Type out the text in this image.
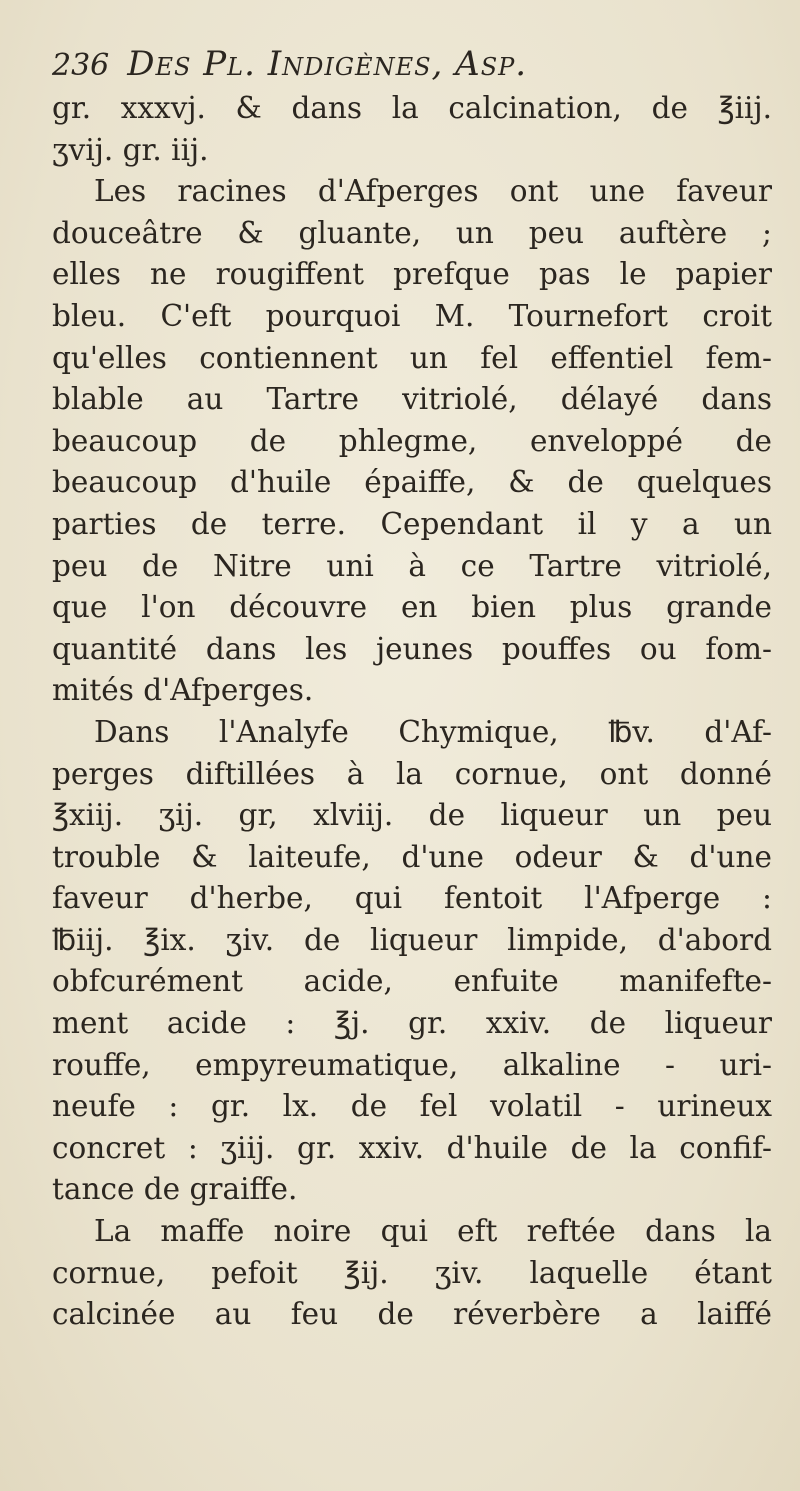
236 Des Pl. Indigènes, Asp.
gr. xxxvj. & dans la calcination, de ℥iij.
ʒvij. gr. iij.
Les racines d'Afperges ont une faveur
douceâtre & gluante, un peu auftère ;
elles ne rougiffent prefque pas le papier
bleu. C'eft pourquoi M. Tournefort croit
qu'elles contiennent un fel effentiel fem-
blable au Tartre vitriolé, délayé dans
beaucoup de phlegme, enveloppé de
beaucoup d'huile épaiffe, & de quelques
parties de terre. Cependant il y a un
peu de Nitre uni à ce Tartre vitriolé,
que l'on découvre en bien plus grande
quantité dans les jeunes pouffes ou fom-
mités d'Afperges.
Dans l'Analyfe Chymique, ℔v. d'Af-
perges diftillées à la cornue, ont donné
℥xiij. ʒij. gr, xlviij. de liqueur un peu
trouble & laiteufe, d'une odeur & d'une
faveur d'herbe, qui fentoit l'Afperge :
℔iij. ℥ix. ʒiv. de liqueur limpide, d'abord
obfcurément acide, enfuite manifefte-
ment acide : ℥j. gr. xxiv. de liqueur
rouffe, empyreumatique, alkaline - uri-
neufe : gr. lx. de fel volatil - urineux
concret : ʒiij. gr. xxiv. d'huile de la confif-
tance de graiffe.
La maffe noire qui eft reftée dans la
cornue, pefoit ℥ij. ʒiv. laquelle étant
calcinée au feu de réverbère a laiffé
